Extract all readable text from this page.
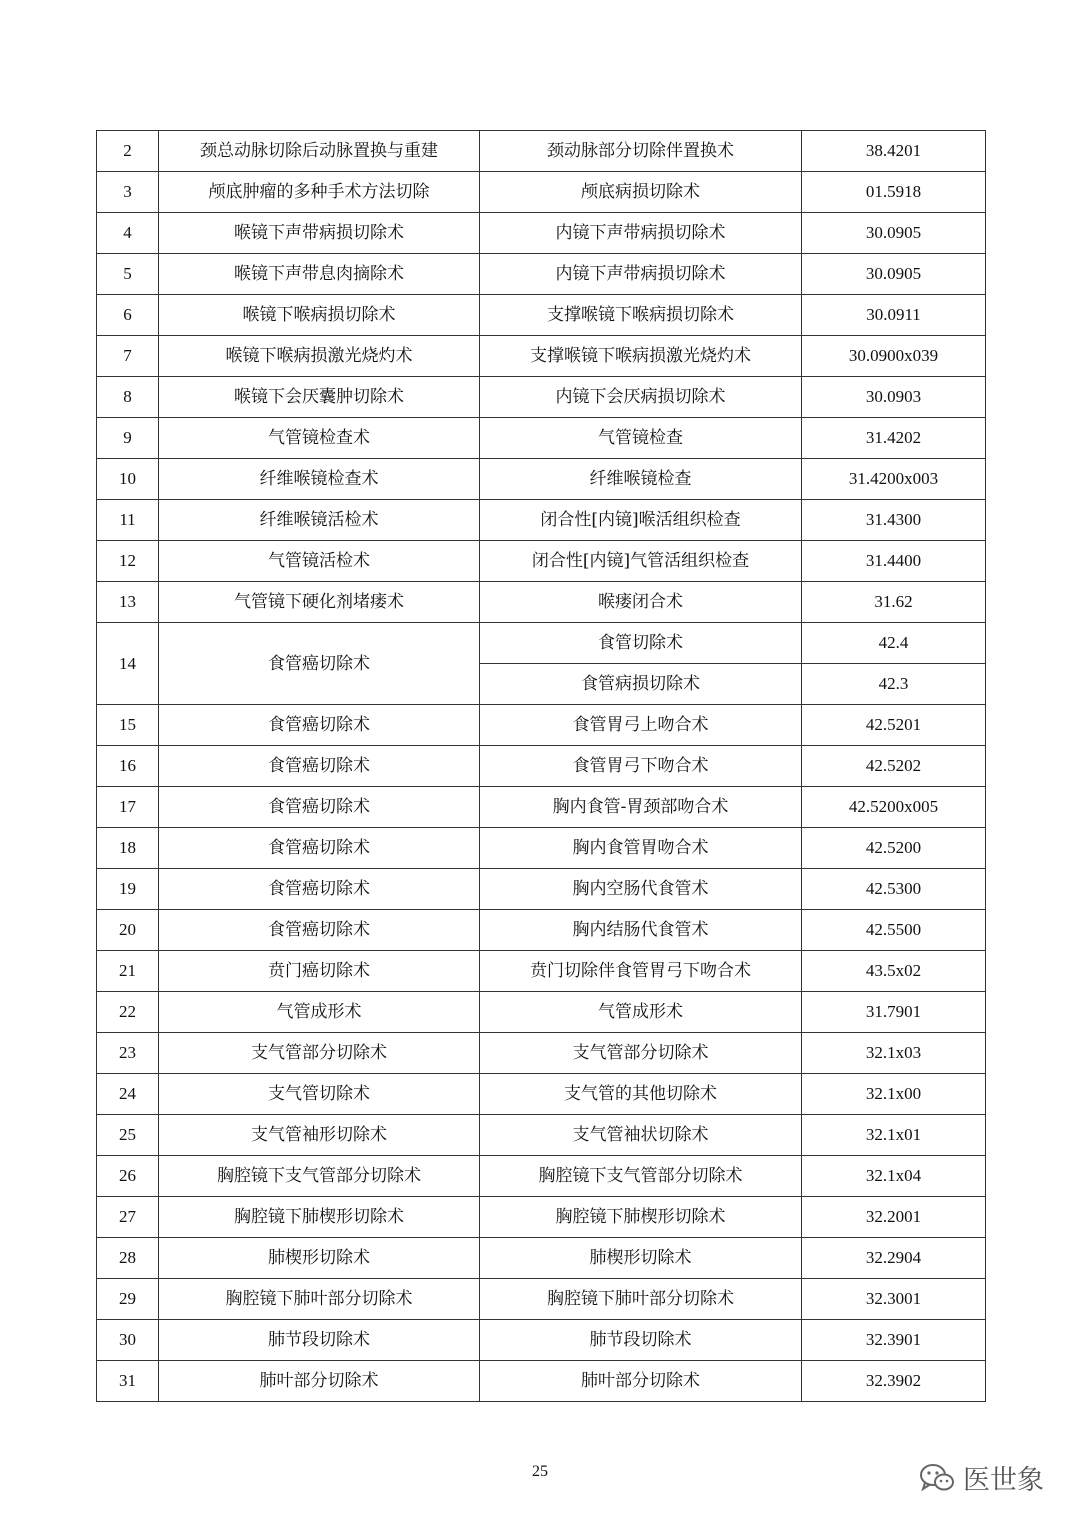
2	颈总动脉切除后动脉置换与重建	颈动脉部分切除伴置换术	38.4201
3	颅底肿瘤的多种手术方法切除	颅底病损切除术	01.5918
4	喉镜下声带病损切除术	内镜下声带病损切除术	30.0905
5	喉镜下声带息肉摘除术	内镜下声带病损切除术	30.0905
6	喉镜下喉病损切除术	支撑喉镜下喉病损切除术	30.0911
7	喉镜下喉病损激光烧灼术	支撑喉镜下喉病损激光烧灼术	30.0900x039
8	喉镜下会厌囊肿切除术	内镜下会厌病损切除术	30.0903
9	气管镜检查术	气管镜检查	31.4202
10	纤维喉镜检查术	纤维喉镜检查	31.4200x003
11	纤维喉镜活检术	闭合性[内镜]喉活组织检查	31.4300
12	气管镜活检术	闭合性[内镜]气管活组织检查	31.4400
13	气管镜下硬化剂堵瘘术	喉瘘闭合术	31.62
14	食管癌切除术	食管切除术	42.4
		食管病损切除术	42.3
15	食管癌切除术	食管胃弓上吻合术	42.5201
16	食管癌切除术	食管胃弓下吻合术	42.5202
17	食管癌切除术	胸内食管-胃颈部吻合术	42.5200x005
18	食管癌切除术	胸内食管胃吻合术	42.5200
19	食管癌切除术	胸内空肠代食管术	42.5300
20	食管癌切除术	胸内结肠代食管术	42.5500
21	贲门癌切除术	贲门切除伴食管胃弓下吻合术	43.5x02
22	气管成形术	气管成形术	31.7901
23	支气管部分切除术	支气管部分切除术	32.1x03
24	支气管切除术	支气管的其他切除术	32.1x00
25	支气管袖形切除术	支气管袖状切除术	32.1x01
26	胸腔镜下支气管部分切除术	胸腔镜下支气管部分切除术	32.1x04
27	胸腔镜下肺楔形切除术	胸腔镜下肺楔形切除术	32.2001
28	肺楔形切除术	肺楔形切除术	32.2904
29	胸腔镜下肺叶部分切除术	胸腔镜下肺叶部分切除术	32.3001
30	肺节段切除术	肺节段切除术	32.3901
31	肺叶部分切除术	肺叶部分切除术	32.3902
25	医世象
